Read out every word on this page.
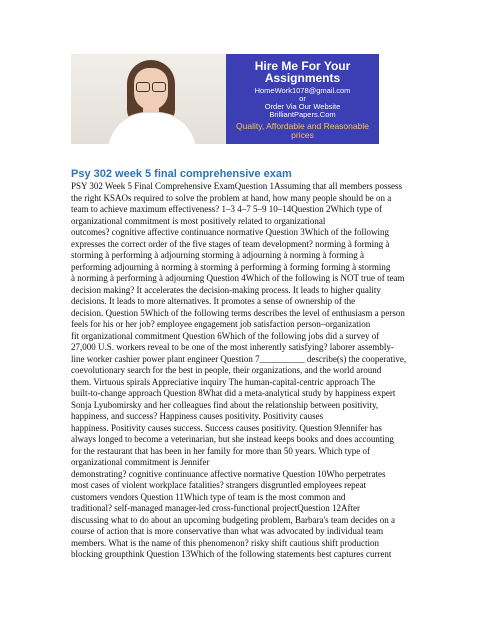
Hire Me For Your Assignments
HomeWork1078@gmail.com
or
Order Via Our Website
BrilliantPapers.Com
Quality, Affordable and Reasonable prices
Psy 302 week 5 final comprehensive exam
PSY 302 Week 5 Final Comprehensive ExamQuestion 1Assuming that all members possess
the right KSAOs required to solve the problem at hand, how many people should be on a
team to achieve maximum effectiveness? 1–3 4–7 5–9 10–14Question 2Which type of
organizational commitment is most positively related to organizational
outcomes? cognitive affective continuance normative Question 3Which of the following
expresses the correct order of the five stages of team development? norming à forming à
storming à performing à adjourning storming à adjourning à norming à forming à
performing adjourning à norming à storming à performing à forming forming à storming
à norming à performing à adjourning Question 4Which of the following is NOT true of team
decision making? It accelerates the decision-making process. It leads to higher quality
decisions. It leads to more alternatives. It promotes a sense of ownership of the
decision. Question 5Which of the following terms describes the level of enthusiasm a person
feels for his or her job? employee engagement job satisfaction person–organization
fit organizational commitment Question 6Which of the following jobs did a survey of
27,000 U.S. workers reveal to be one of the most inherently satisfying? laborer assembly-
line worker cashier power plant engineer Question 7__________ describe(s) the cooperative,
coevolutionary search for the best in people, their organizations, and the world around
them. Virtuous spirals Appreciative inquiry The human-capital-centric approach The
built-to-change approach Question 8What did a meta-analytical study by happiness expert
Sonja Lyubomirsky and her colleagues find about the relationship between positivity,
happiness, and success? Happiness causes positivity. Positivity causes
happiness. Positivity causes success. Success causes positivity. Question 9Jennifer has
always longed to become a veterinarian, but she instead keeps books and does accounting
for the restaurant that has been in her family for more than 50 years. Which type of
organizational commitment is Jennifer
demonstrating? cognitive continuance affective normative Question 10Who perpetrates
most cases of violent workplace fatalities? strangers disgruntled employees repeat
customers vendors Question 11Which type of team is the most common and
traditional? self-managed manager-led cross-functional projectQuestion 12After
discussing what to do about an upcoming budgeting problem, Barbara's team decides on a
course of action that is more conservative than what was advocated by individual team
members. What is the name of this phenomenon? risky shift cautious shift production
blocking groupthink Question 13Which of the following statements best captures current
